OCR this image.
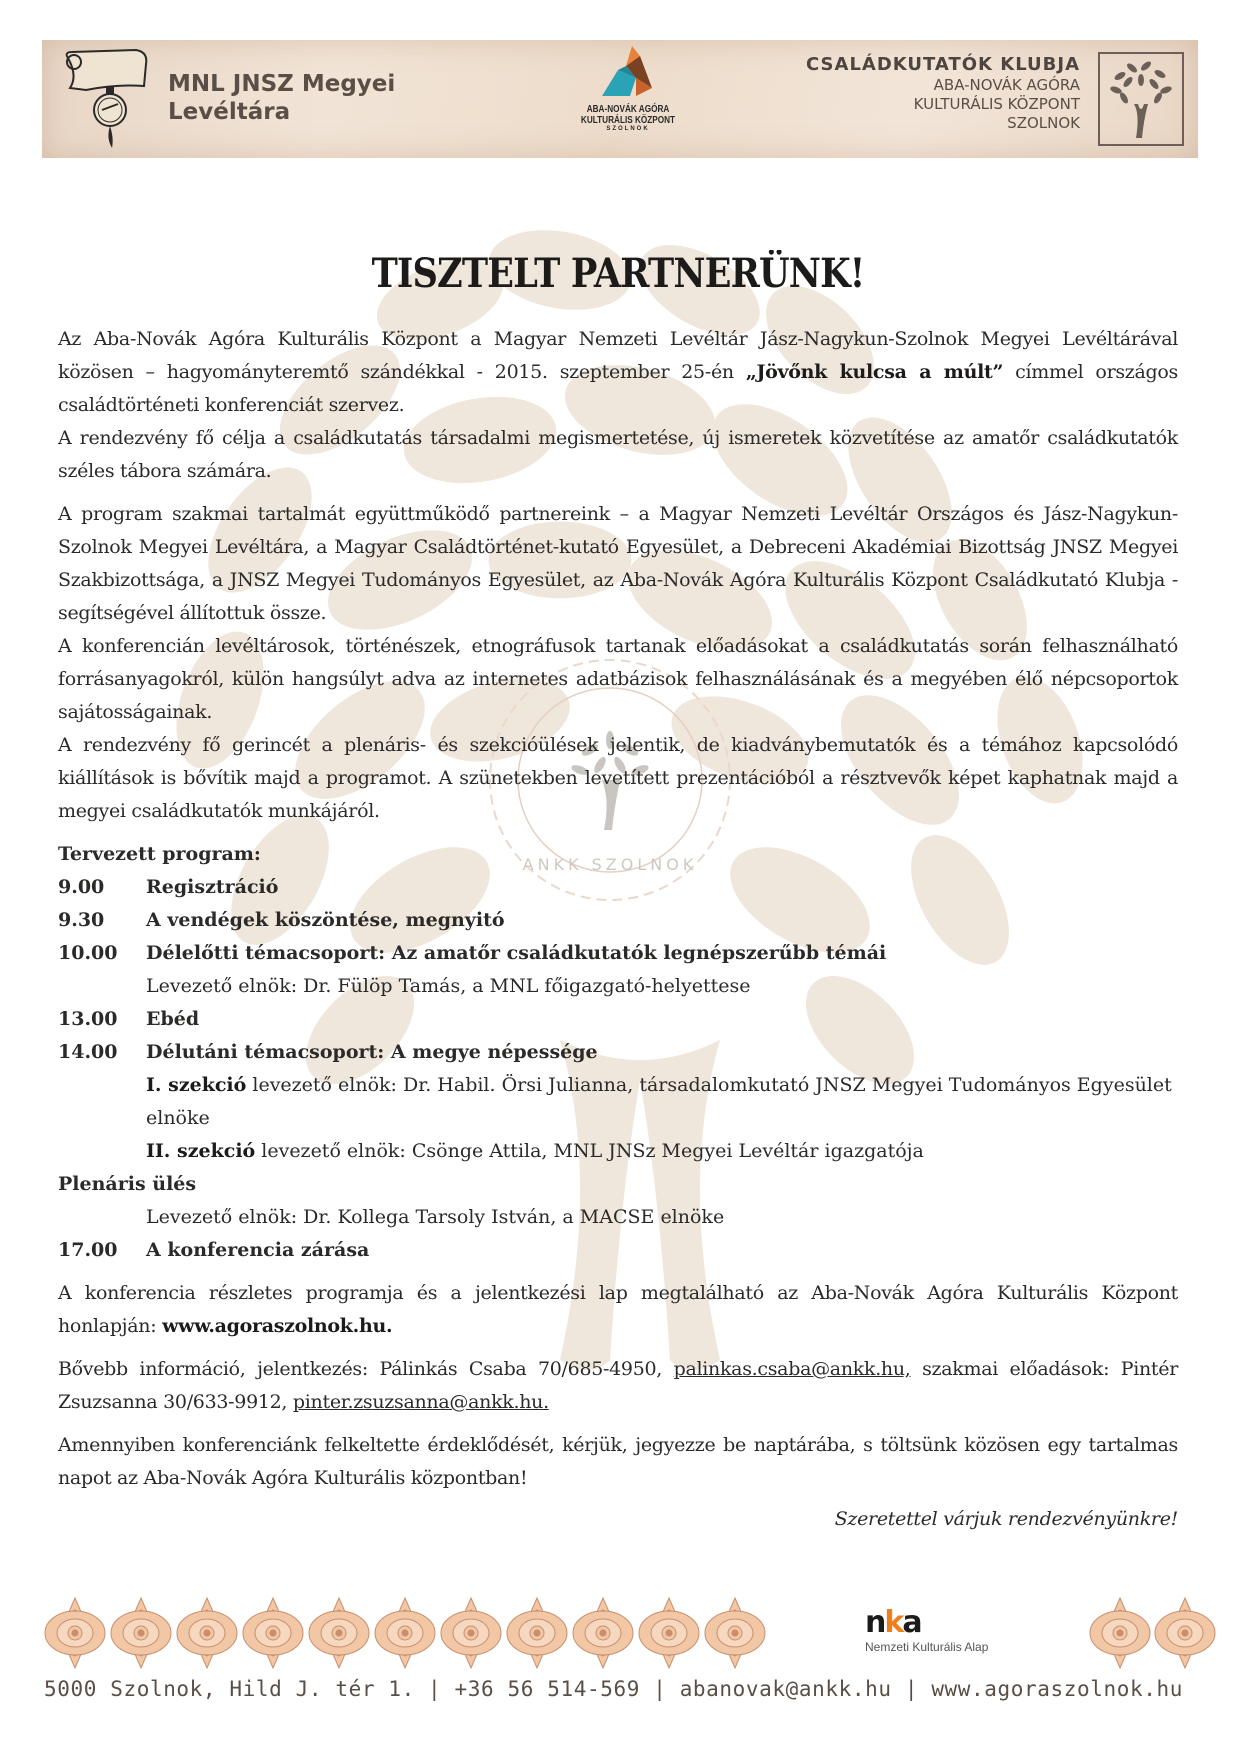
MNL JNSZ Megyei
Levéltára	ABA-NOVÁK AGÓRA
KULTURÁLIS KÖZPONT
SZOLNOK
CSALÁDKUTATÓK KLUBJA
ABA-NOVÁK AGÓRA
KULTURÁLIS KÖZPONT
SZOLNOK
ANKK SZOLNOK
TISZTELT PARTNERÜNK!

Az Aba-Novák Agóra Kulturális Központ a Magyar Nemzeti Levéltár Jász-Nagykun-Szolnok Megyei Levéltárával közösen – hagyományteremtő szándékkal - 2015. szeptember 25-én „Jövőnk kulcsa a múlt” címmel országos családtörténeti konferenciát szervez.

A rendezvény fő célja a családkutatás társadalmi megismertetése, új ismeretek közvetítése az amatőr családkutatók széles tábora számára.

A program szakmai tartalmát együttműködő partnereink – a Magyar Nemzeti Levéltár Országos és Jász-Nagykun-Szolnok Megyei Levéltára, a Magyar Családtörténet-kutató Egyesület, a Debreceni Akadémiai Bizottság JNSZ Megyei Szakbizottsága, a JNSZ Megyei Tudományos Egyesület, az Aba-Novák Agóra Kulturális Központ Családkutató Klubja - segítségével állítottuk össze.

A konferencián levéltárosok, történészek, etnográfusok tartanak előadásokat a családkutatás során felhasználható forrásanyagokról, külön hangsúlyt adva az internetes adatbázisok felhasználásának és a megyében élő népcsoportok sajátosságainak.

A rendezvény fő gerincét a plenáris- és szekcióülések jelentik, de kiadványbemutatók és a témához kapcsolódó kiállítások is bővítik majd a programot. A szünetekben levetített prezentációból a résztvevők képet kaphatnak majd a megyei családkutatók munkájáról.

Tervezett program:
9.00	Regisztráció
9.30	A vendégek köszöntése, megnyitó
10.00	Délelőtti témacsoport: Az amatőr családkutatók legnépszerűbb témái
Levezető elnök: Dr. Fülöp Tamás, a MNL főigazgató-helyettese
13.00	Ebéd
14.00	Délutáni témacsoport: A megye népessége
I. szekció levezető elnök: Dr. Habil. Örsi Julianna, társadalomkutató JNSZ Megyei Tudományos Egyesület elnöke
II. szekció levezető elnök: Csönge Attila, MNL JNSz Megyei Levéltár igazgatója
Plenáris ülés
Levezető elnök: Dr. Kollega Tarsoly István, a MACSE elnöke
17.00	A konferencia zárása

A konferencia részletes programja és a jelentkezési lap megtalálható az Aba-Novák Agóra Kulturális Központ honlapján: www.agoraszolnok.hu.

Bővebb információ, jelentkezés: Pálinkás Csaba 70/685-4950, palinkas.csaba@ankk.hu, szakmai előadások: Pintér Zsuzsanna 30/633-9912, pinter.zsuzsanna@ankk.hu.

Amennyiben konferenciánk felkeltette érdeklődését, kérjük, jegyezze be naptárába, s töltsünk közösen egy tartalmas napot az Aba-Novák Agóra Kulturális központban!

Szeretettel várjuk rendezvényünkre!

nka
Nemzeti Kulturális Alap
5000 Szolnok, Hild J. tér 1. | +36 56 514-569 | abanovak@ankk.hu | www.agoraszolnok.hu
